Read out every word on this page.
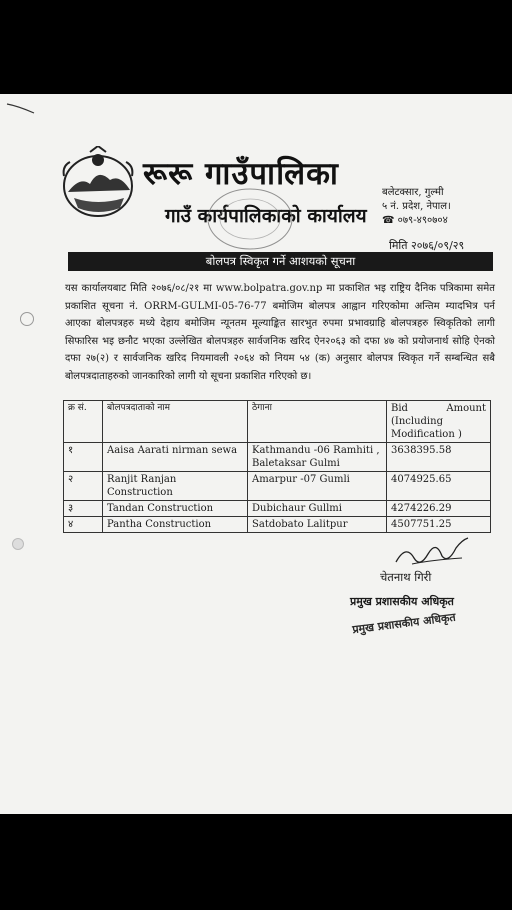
रूरू गाउँपालिका
गाउँ कार्यपालिकाको कार्यालय
बलेटक्सार, गुल्मी
५ नं. प्रदेश, नेपाल।
☎ ०७९-४९०७०४
मिति २०७६/०९/२९
बोलपत्र स्विकृत गर्ने आशयको सूचना
यस कार्यालयबाट मिति २०७६/०८/२१ मा www.bolpatra.gov.np मा प्रकाशित भइ राष्ट्रिय दैनिक पत्रिकामा समेत प्रकाशित सूचना नं. ORRM-GULMI-05-76-77 बमोजिम बोलपत्र आह्वान गरिएकोमा अन्तिम म्यादभित्र पर्न आएका बोलपत्रहरु मध्ये देहाय बमोजिम न्यूनतम मूल्याङ्कित सारभुत रुपमा प्रभावग्राहि बोलपत्रहरु स्विकृतिको लागी सिफारिस भइ छनौट भएका उल्लेखित बोलपत्रहरु सार्वजनिक खरिद ऐन२०६३ को दफा ४७ को प्रयोजनार्थ सोहि ऐनको दफा २७(२) र सार्वजनिक खरिद नियमावली २०६४ को नियम ५४ (क) अनुसार बोलपत्र स्विकृत गर्ने सम्बन्धित सबै बोलपत्रदाताहरुको जानकारिको लागी यो सूचना प्रकाशित गरिएको छ।
क्र सं.	बोलपत्रदाताको नाम	ठेगाना	Bid Amount
(Including
Modification )

१	Aaisa Aarati nirman sewa	Kathmandu -06 Ramhiti , Baletaksar Gulmi	3638395.58
२	Ranjit Ranjan Construction	Amarpur -07 Gumli	4074925.65
३	Tandan Construction	Dubichaur Gullmi	4274226.29
४	Pantha Construction	Satdobato Lalitpur	4507751.25
चेतनाथ गिरी
प्रमुख प्रशासकीय अधिकृत
प्रमुख प्रशासकीय अधिकृत
